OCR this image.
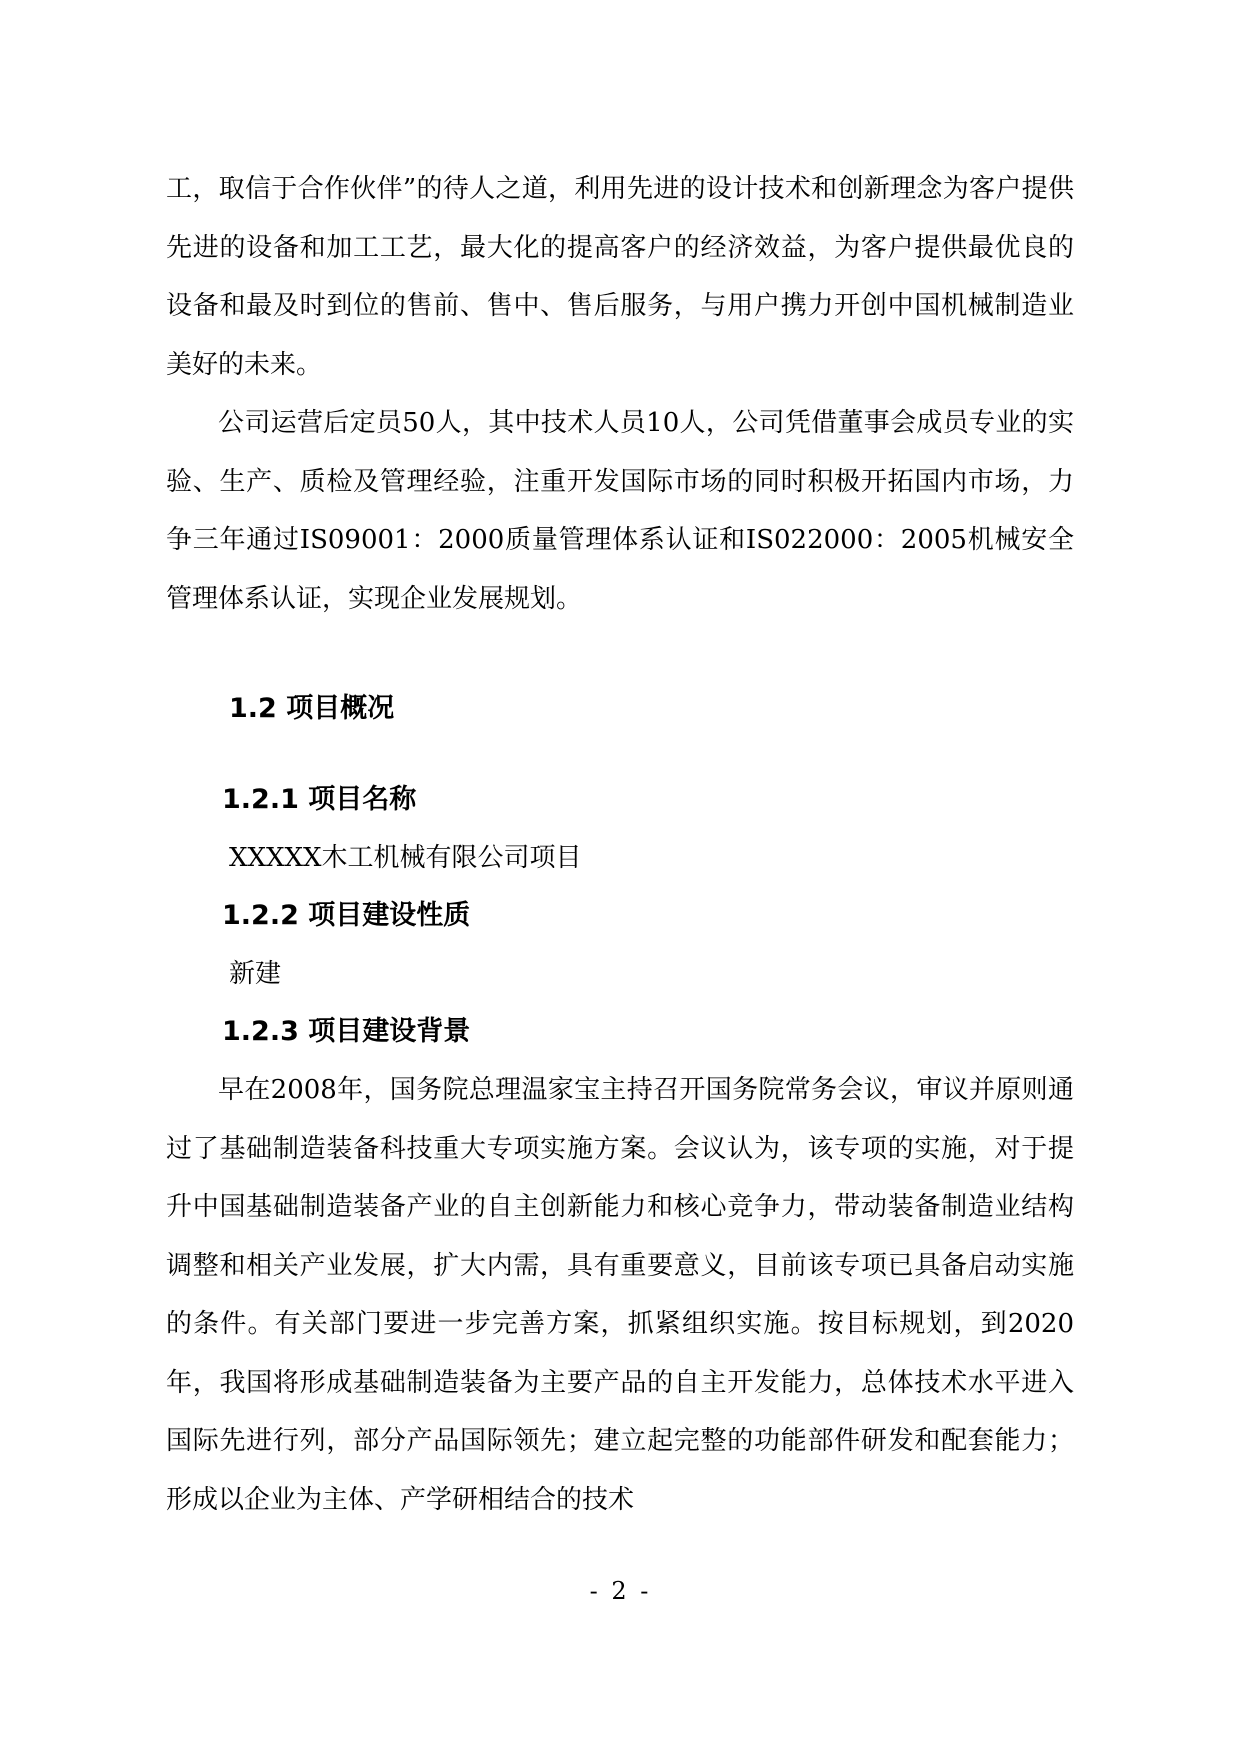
工，取信于合作伙伴”的待人之道，利用先进的设计技术和创新理念为客户提供先进的设备和加工工艺，最大化的提高客户的经济效益，为客户提供最优良的设备和最及时到位的售前、售中、售后服务，与用户携力开创中国机械制造业美好的未来。

公司运营后定员50人，其中技术人员10人，公司凭借董事会成员专业的实验、生产、质检及管理经验，注重开发国际市场的同时积极开拓国内市场，力争三年通过IS09001：2000质量管理体系认证和IS022000：2005机械安全管理体系认证，实现企业发展规划。

1.2 项目概况
1.2.1 项目名称
XXXXX木工机械有限公司项目
1.2.2 项目建设性质
新建
1.2.3 项目建设背景

早在2008年，国务院总理温家宝主持召开国务院常务会议，审议并原则通过了基础制造装备科技重大专项实施方案。会议认为，该专项的实施，对于提升中国基础制造装备产业的自主创新能力和核心竞争力，带动装备制造业结构调整和相关产业发展，扩大内需，具有重要意义，目前该专项已具备启动实施的条件。有关部门要进一步完善方案，抓紧组织实施。按目标规划，到2020年，我国将形成基础制造装备为主要产品的自主开发能力，总体技术水平进入国际先进行列，部分产品国际领先；建立起完整的功能部件研发和配套能力；形成以企业为主体、产学研相结合的技术

- 2 -
